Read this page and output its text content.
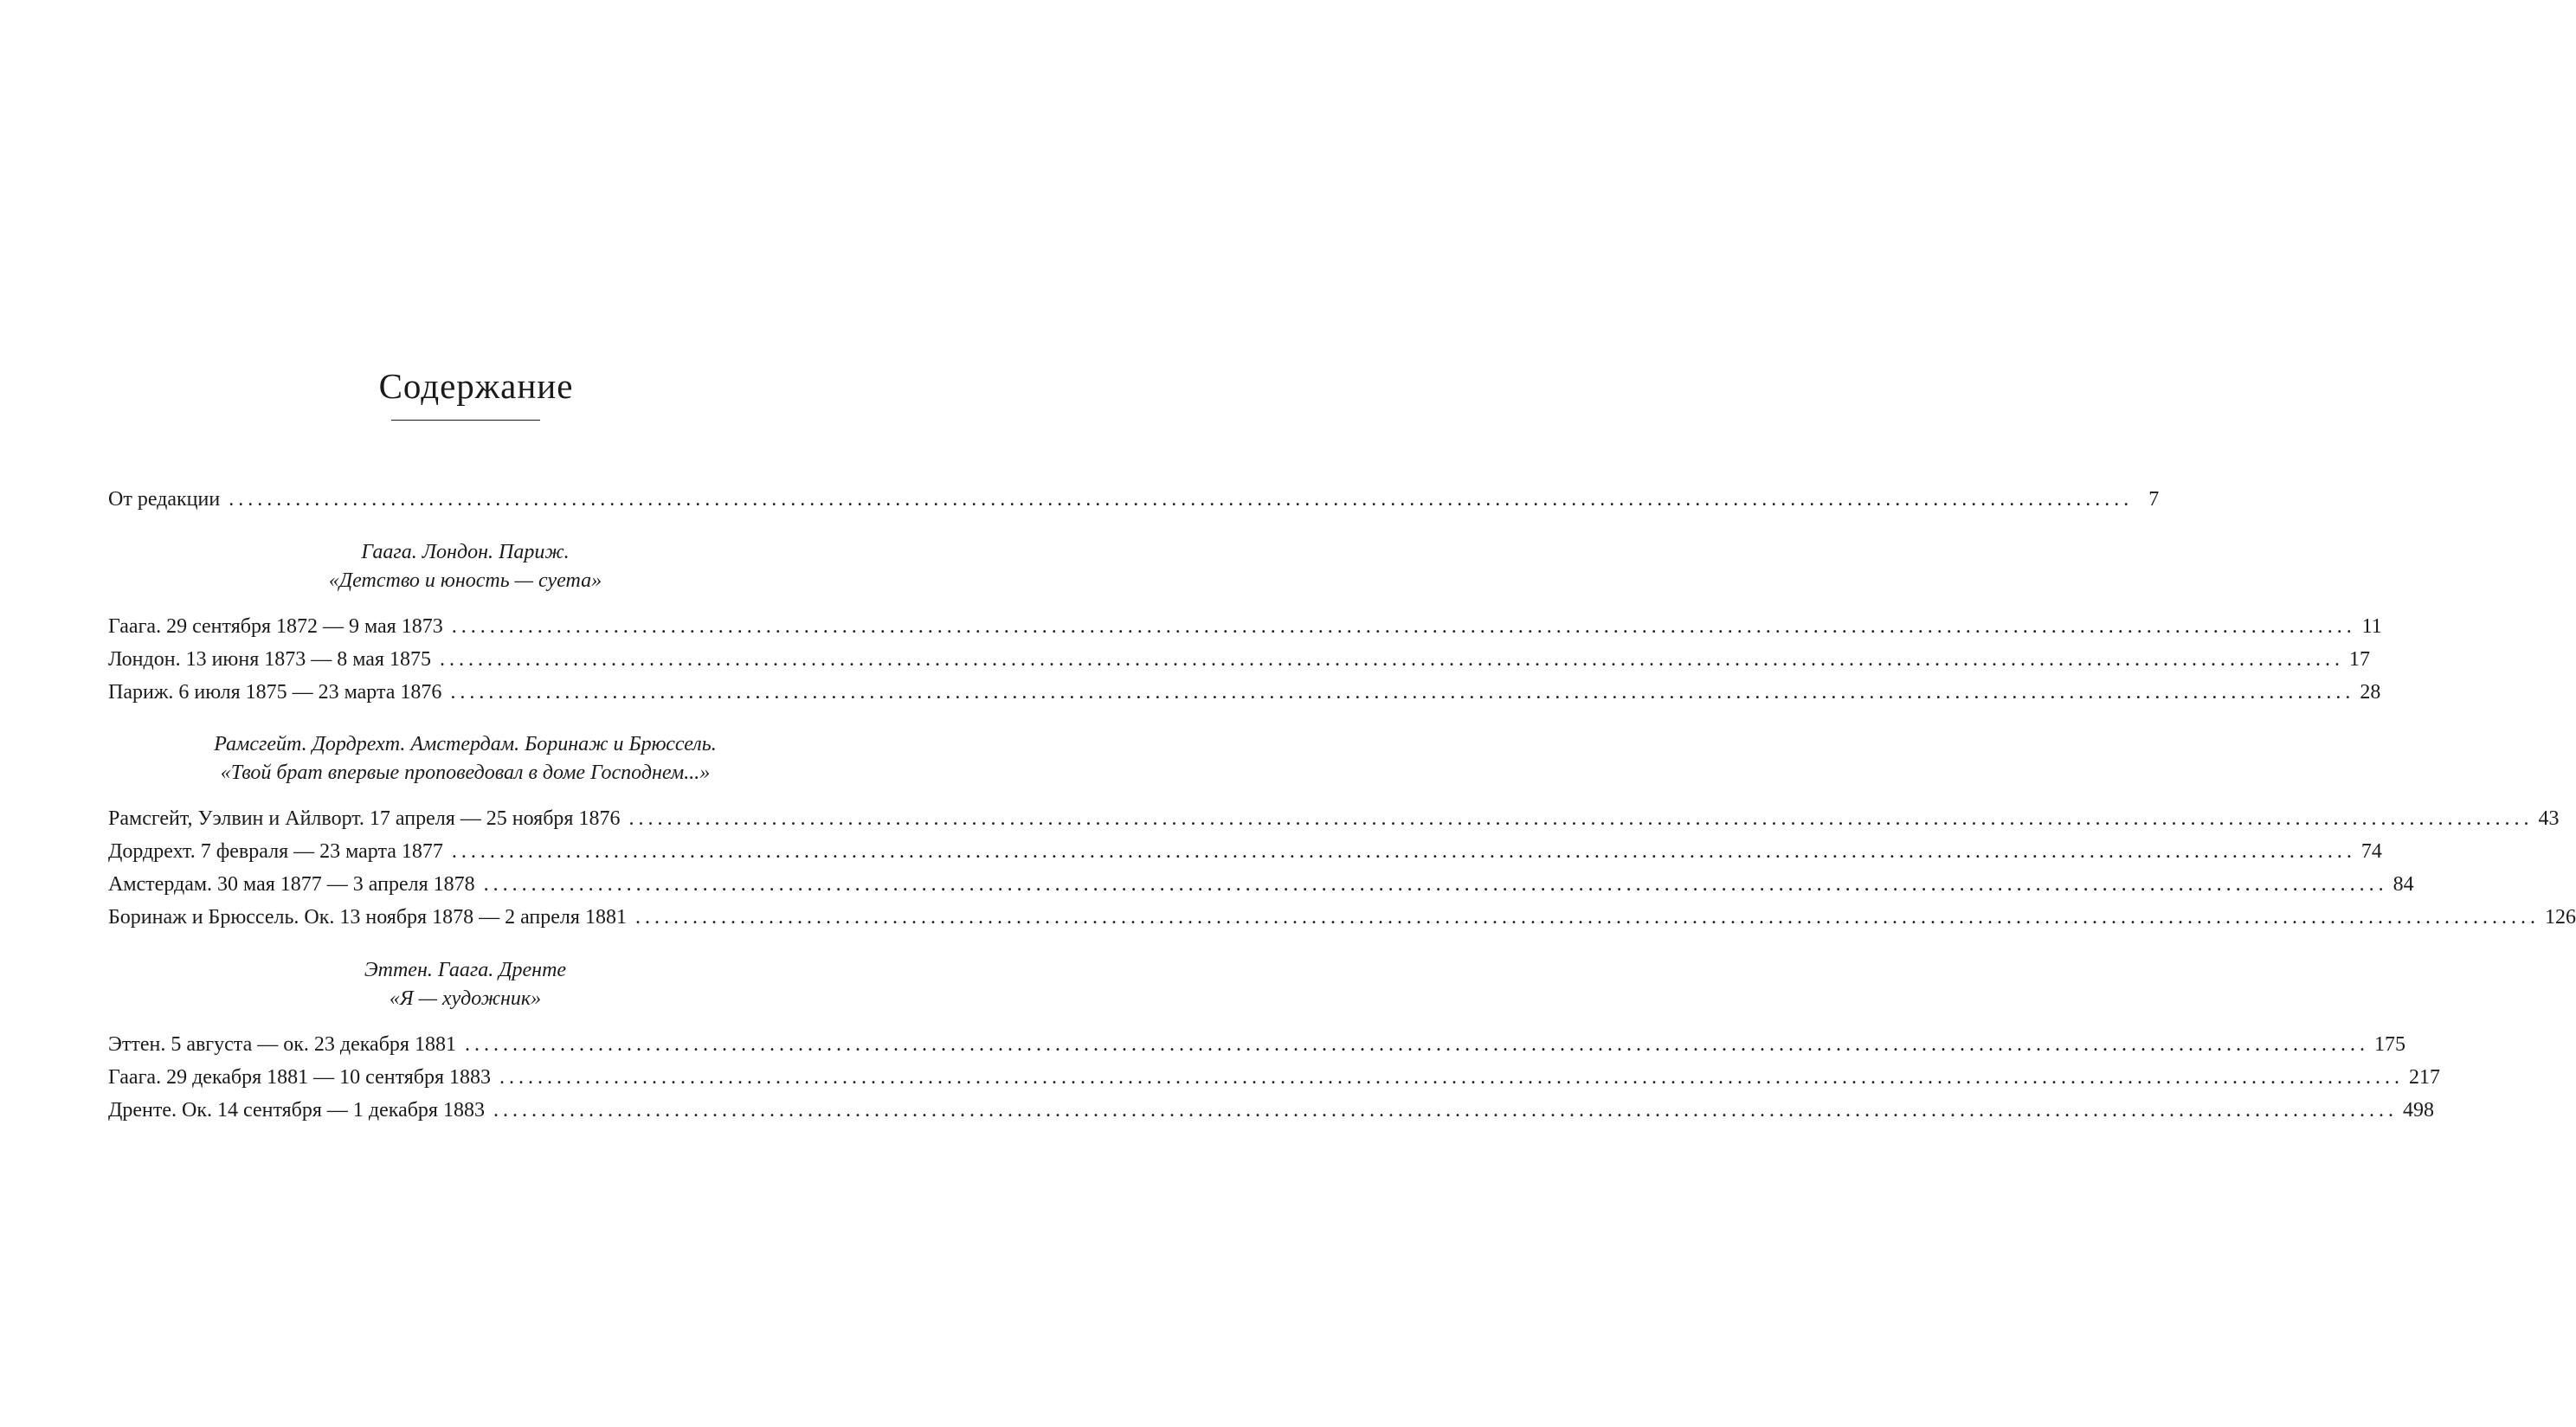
Содержание
От редакции ........................................................................................................................................................................................................ 7
Гаага. 29 сентября 1872 — 9 мая 1873 ........................................................................................................................................................................................................ 11
Лондон. 13 июня 1873 — 8 мая 1875 ........................................................................................................................................................................................................ 17
Париж. 6 июля 1875 — 23 марта 1876 ........................................................................................................................................................................................................ 28
Рамсгейт, Уэлвин и Айлворт. 17 апреля — 25 ноября 1876 ........................................................................................................................................................................................................ 43
Дордрехт. 7 февраля — 23 марта 1877 ........................................................................................................................................................................................................ 74
Амстердам. 30 мая 1877 — 3 апреля 1878 ........................................................................................................................................................................................................ 84
Боринаж и Брюссель. Ок. 13 ноября 1878 — 2 апреля 1881 ........................................................................................................................................................................................................ 126
Эттен. 5 августа — ок. 23 декабря 1881 ........................................................................................................................................................................................................ 175
Гаага. 29 декабря 1881 — 10 сентября 1883 ........................................................................................................................................................................................................ 217
Дренте. Ок. 14 сентября — 1 декабря 1883 ........................................................................................................................................................................................................ 498
Гаага. Лондон. Париж.
«Детство и юность — суета»
Рамсгейт. Дордрехт. Амстердам. Боринаж и Брюссель.
«Твой брат впервые проповедовал в доме Господнем...»
Эттен. Гаага. Дренте
«Я — художник»
